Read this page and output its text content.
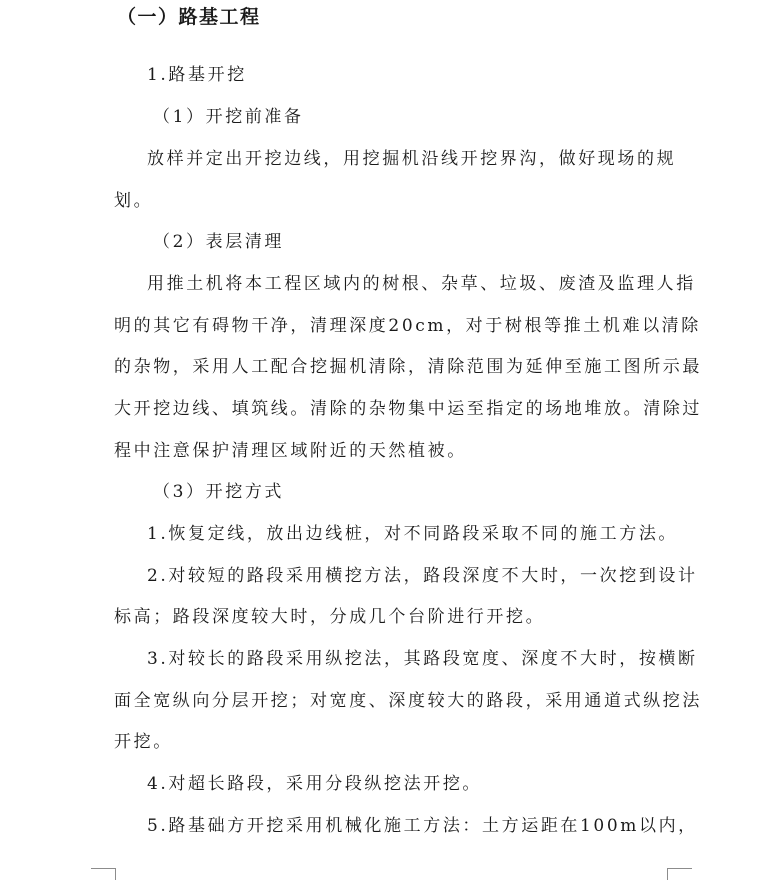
（一）路基工程
1.路基开挖
（1）开挖前准备
放样并定出开挖边线，用挖掘机沿线开挖界沟，做好现场的规
划。
（2）表层清理
用推土机将本工程区域内的树根、杂草、垃圾、废渣及监理人指
明的其它有碍物干净，清理深度20cm，对于树根等推土机难以清除
的杂物，采用人工配合挖掘机清除，清除范围为延伸至施工图所示最
大开挖边线、填筑线。清除的杂物集中运至指定的场地堆放。清除过
程中注意保护清理区域附近的天然植被。
（3）开挖方式
1.恢复定线，放出边线桩，对不同路段采取不同的施工方法。
2.对较短的路段采用横挖方法，路段深度不大时，一次挖到设计
标高；路段深度较大时，分成几个台阶进行开挖。
3.对较长的路段采用纵挖法，其路段宽度、深度不大时，按横断
面全宽纵向分层开挖；对宽度、深度较大的路段，采用通道式纵挖法
开挖。
4.对超长路段，采用分段纵挖法开挖。
5.路基础方开挖采用机械化施工方法：土方运距在100m以内，
